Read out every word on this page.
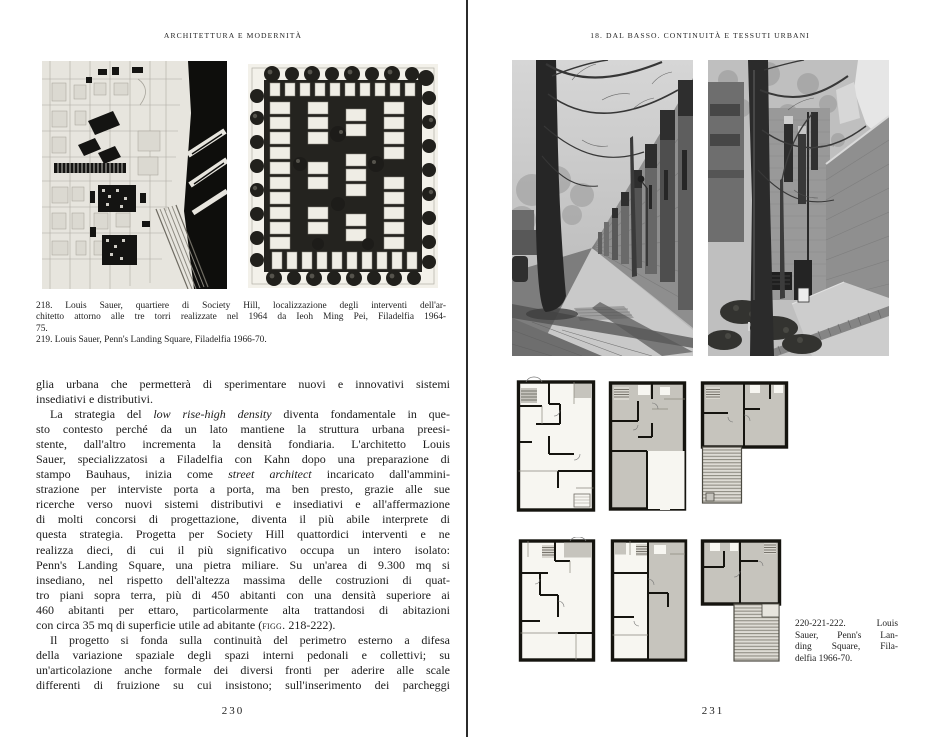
ARCHITETTURA E MODERNITÀ
218. Louis Sauer, quartiere di Society Hill, localizzazione degli interventi dell'ar-
chitetto attorno alle tre torri realizzate nel 1964 da Ieoh Ming Pei, Filadelfia 1964-
75.
219. Louis Sauer, Penn's Landing Square, Filadelfia 1966-70.
glia urbana che permetterà di sperimentare nuovi e innovativi sistemi
insediativi e distributivi.
La strategia del low rise-high density diventa fondamentale in que-
sto contesto perché da un lato mantiene la struttura urbana preesi-
stente, dall'altro incrementa la densità fondiaria. L'architetto Louis
Sauer, specializzatosi a Filadelfia con Kahn dopo una preparazione di
stampo Bauhaus, inizia come street architect incaricato dall'ammini-
strazione per interviste porta a porta, ma ben presto, grazie alle sue
ricerche verso nuovi sistemi distributivi e insediativi e all'affermazione
di molti concorsi di progettazione, diventa il più abile interprete di
questa strategia. Progetta per Society Hill quattordici interventi e ne
realizza dieci, di cui il più significativo occupa un intero isolato:
Penn's Landing Square, una pietra miliare. Su un'area di 9.300 mq si
insediano, nel rispetto dell'altezza massima delle costruzioni di quat-
tro piani sopra terra, più di 450 abitanti con una densità superiore ai
460 abitanti per ettaro, particolarmente alta trattandosi di abitazioni
con circa 35 mq di superficie utile ad abitante (figg. 218-222).
Il progetto si fonda sulla continuità del perimetro esterno a difesa
della variazione spaziale degli spazi interni pedonali e collettivi; su
un'articolazione anche formale dei diversi fronti per aderire alle scale
differenti di fruizione su cui insistono; sull'inserimento dei parcheggi
230
18. DAL BASSO. CONTINUITÀ E TESSUTI URBANI
220-221-222. Louis
Sauer, Penn's Lan-
ding Square, Fila-
delfia 1966-70.
231
